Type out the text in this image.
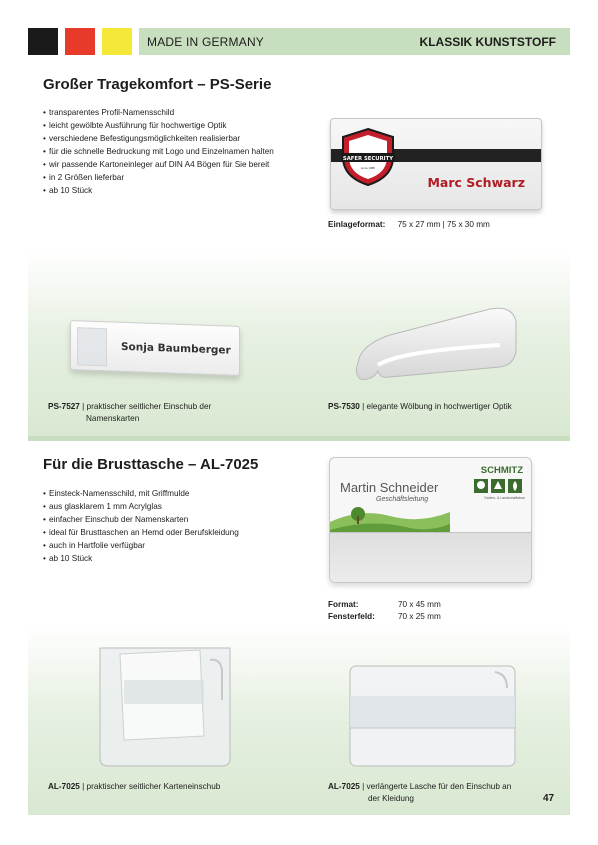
MADE IN GERMANY	KLASSIK KUNSTSTOFF
Großer Tragekomfort – PS-Serie
• transparentes Profil-Namensschild
• leicht gewölbte Ausführung für hochwertige Optik
• verschiedene Befestigungsmöglichkeiten realisierbar
• für die schnelle Bedruckung mit Logo und Einzelnamen halten
• wir passende Kartoneinleger auf DIN A4 Bögen für Sie bereit
• in 2 Größen lieferbar
• ab 10 Stück
SAFER SECURITY
since 1988
Marc Schwarz
Einlageformat: 75 x 27 mm | 75 x 30 mm
Sonja Baumberger
PS-7527 | praktischer seitlicher Einschub der
Namenskarten
PS-7530 | elegante Wölbung in hochwertiger Optik
Für die Brusttasche – AL-7025
• Einsteck-Namensschild, mit Griffmulde
• aus glasklarem 1 mm Acrylglas
• einfacher Einschub der Namenskarten
• ideal für Brusttaschen an Hemd oder Berufskleidung
• auch in Hartfolie verfügbar
• ab 10 Stück
Martin Schneider
Geschäftsleitung
SCHMITZ
Garten- & Landschaftsbau
Format:	70 x 45 mm
Fensterfeld:	70 x 25 mm
AL-7025 | praktischer seitlicher Karteneinschub	AL-7025 | verlängerte Lasche für den Einschub an
der Kleidung	47
